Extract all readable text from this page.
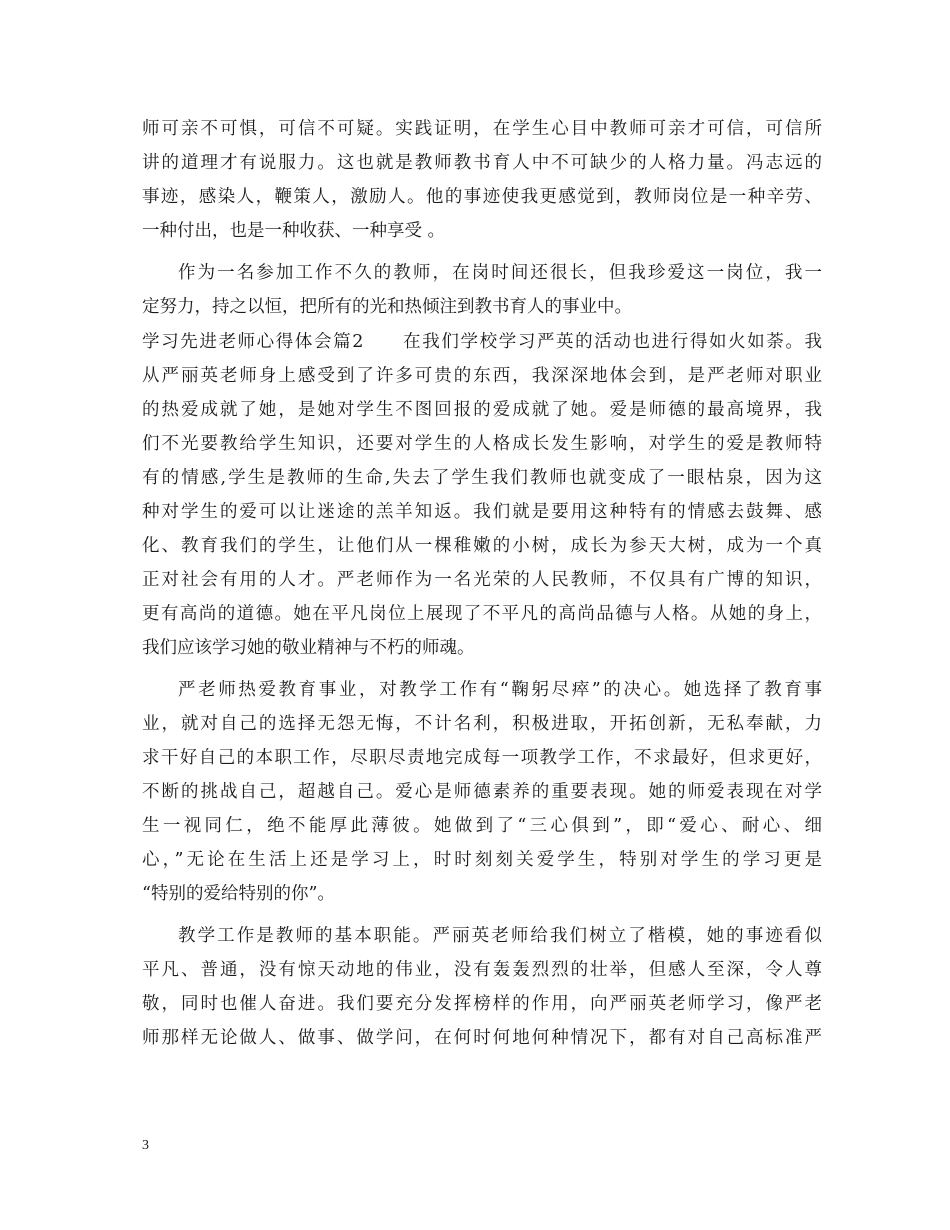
师可亲不可惧，可信不可疑。实践证明，在学生心目中教师可亲才可信，可信所
讲的道理才有说服力。这也就是教师教书育人中不可缺少的人格力量。冯志远的
事迹，感染人，鞭策人，激励人。他的事迹使我更感觉到，教师岗位是一种辛劳、
一种付出，也是一种收获、一种享受 。
作为一名参加工作不久的教师，在岗时间还很长，但我珍爱这一岗位，我一
定努力，持之以恒，把所有的光和热倾注到教书育人的事业中。
学习先进老师心得体会篇2　　在我们学校学习严英的活动也进行得如火如荼。我
从严丽英老师身上感受到了许多可贵的东西，我深深地体会到，是严老师对职业
的热爱成就了她，是她对学生不图回报的爱成就了她。爱是师德的最高境界，我
们不光要教给学生知识，还要对学生的人格成长发生影响，对学生的爱是教师特
有的情感,学生是教师的生命,失去了学生我们教师也就变成了一眼枯泉，因为这
种对学生的爱可以让迷途的羔羊知返。我们就是要用这种特有的情感去鼓舞、感
化、教育我们的学生，让他们从一棵稚嫩的小树，成长为参天大树，成为一个真
正对社会有用的人才。严老师作为一名光荣的人民教师，不仅具有广博的知识，
更有高尚的道德。她在平凡岗位上展现了不平凡的高尚品德与人格。从她的身上，
我们应该学习她的敬业精神与不朽的师魂。
严老师热爱教育事业，对教学工作有“鞠躬尽瘁”的决心。她选择了教育事
业，就对自己的选择无怨无悔，不计名利，积极进取，开拓创新，无私奉献，力
求干好自己的本职工作，尽职尽责地完成每一项教学工作，不求最好，但求更好，
不断的挑战自己，超越自己。爱心是师德素养的重要表现。她的师爱表现在对学
生一视同仁，绝不能厚此薄彼。她做到了“三心俱到”，即“爱心、耐心、细
心，”无论在生活上还是学习上，时时刻刻关爱学生，特别对学生的学习更是
“特别的爱给特别的你”。
教学工作是教师的基本职能。严丽英老师给我们树立了楷模，她的事迹看似
平凡、普通，没有惊天动地的伟业，没有轰轰烈烈的壮举，但感人至深，令人尊
敬，同时也催人奋进。我们要充分发挥榜样的作用，向严丽英老师学习，像严老
师那样无论做人、做事、做学问，在何时何地何种情况下，都有对自己高标准严
3
